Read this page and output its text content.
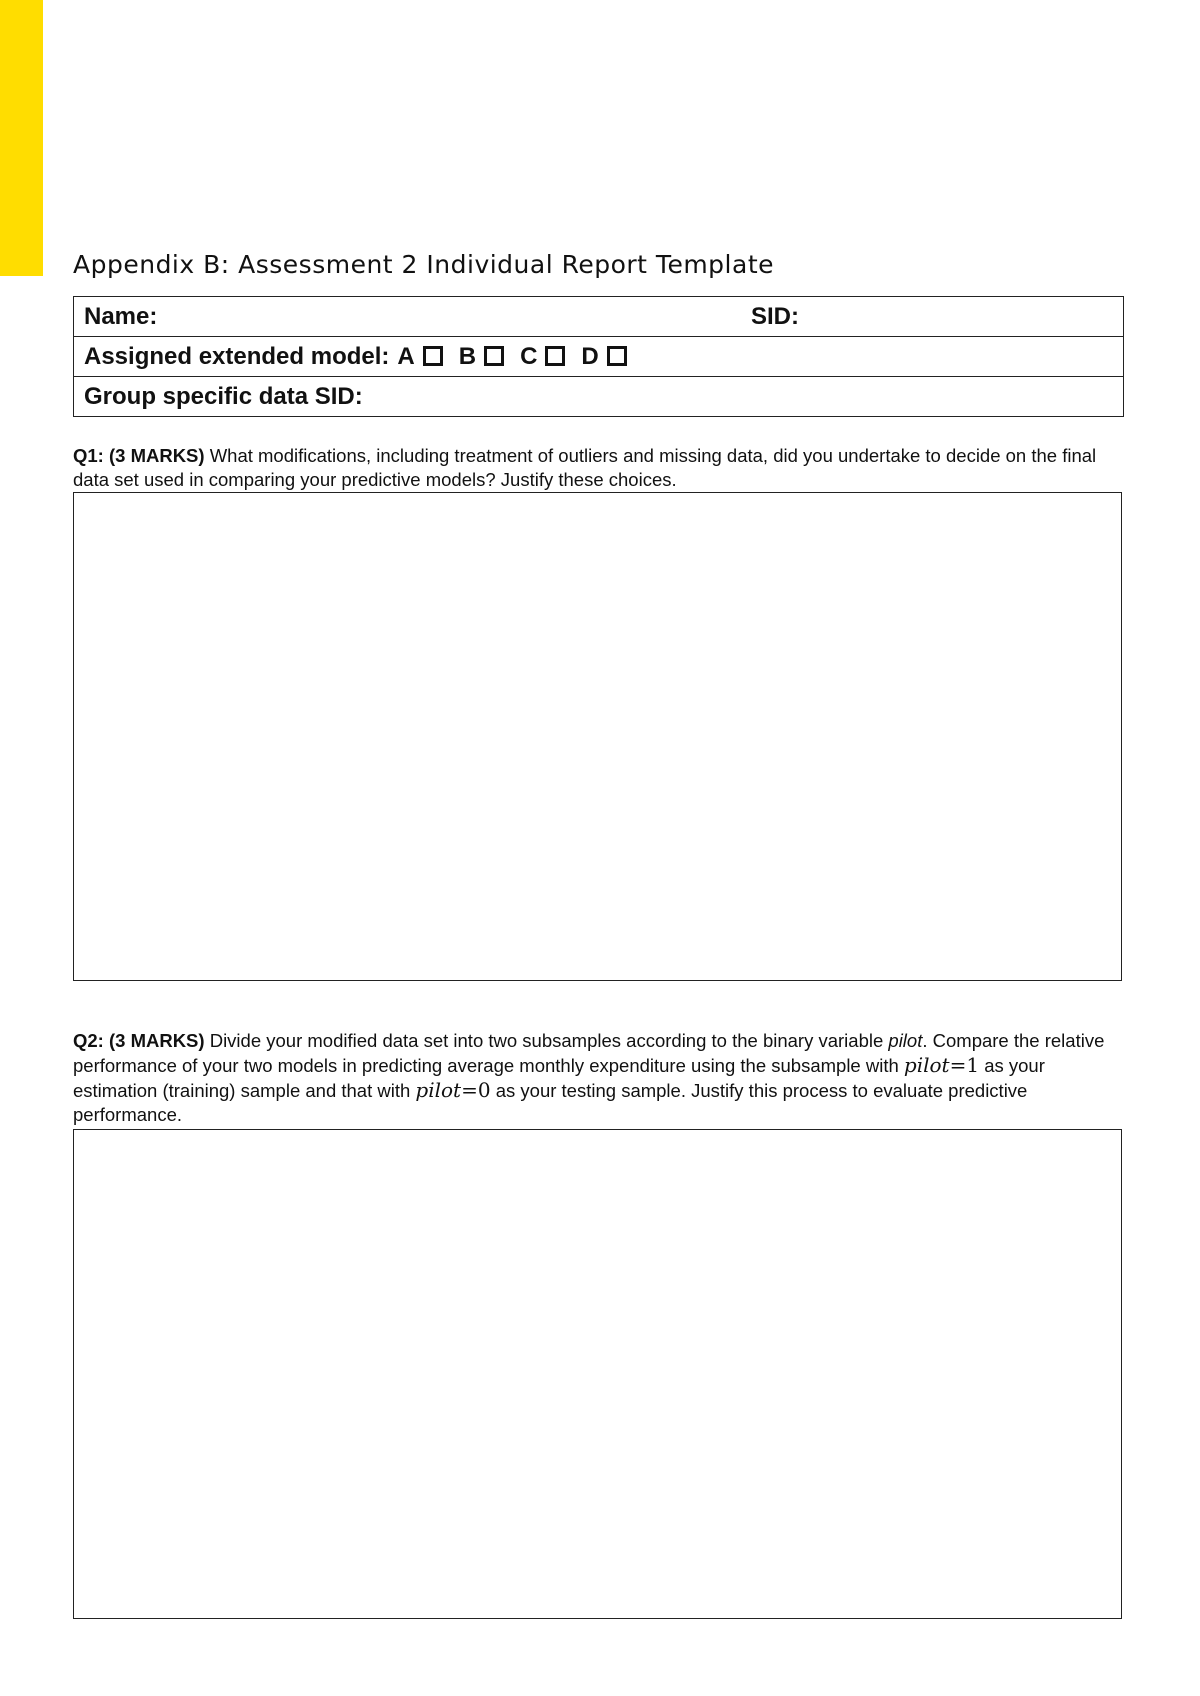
Appendix B: Assessment 2 Individual Report Template
Name:	SID:

Assigned extended model: A B C D

Group specific data SID:
Q1: (3 MARKS) What modifications, including treatment of outliers and missing data, did you undertake to decide on the final data set used in comparing your predictive models? Justify these choices.
Q2: (3 MARKS) Divide your modified data set into two subsamples according to the binary variable pilot. Compare the relative performance of your two models in predicting average monthly expenditure using the subsample with pilot=1 as your estimation (training) sample and that with pilot=0 as your testing sample. Justify this process to evaluate predictive performance.
